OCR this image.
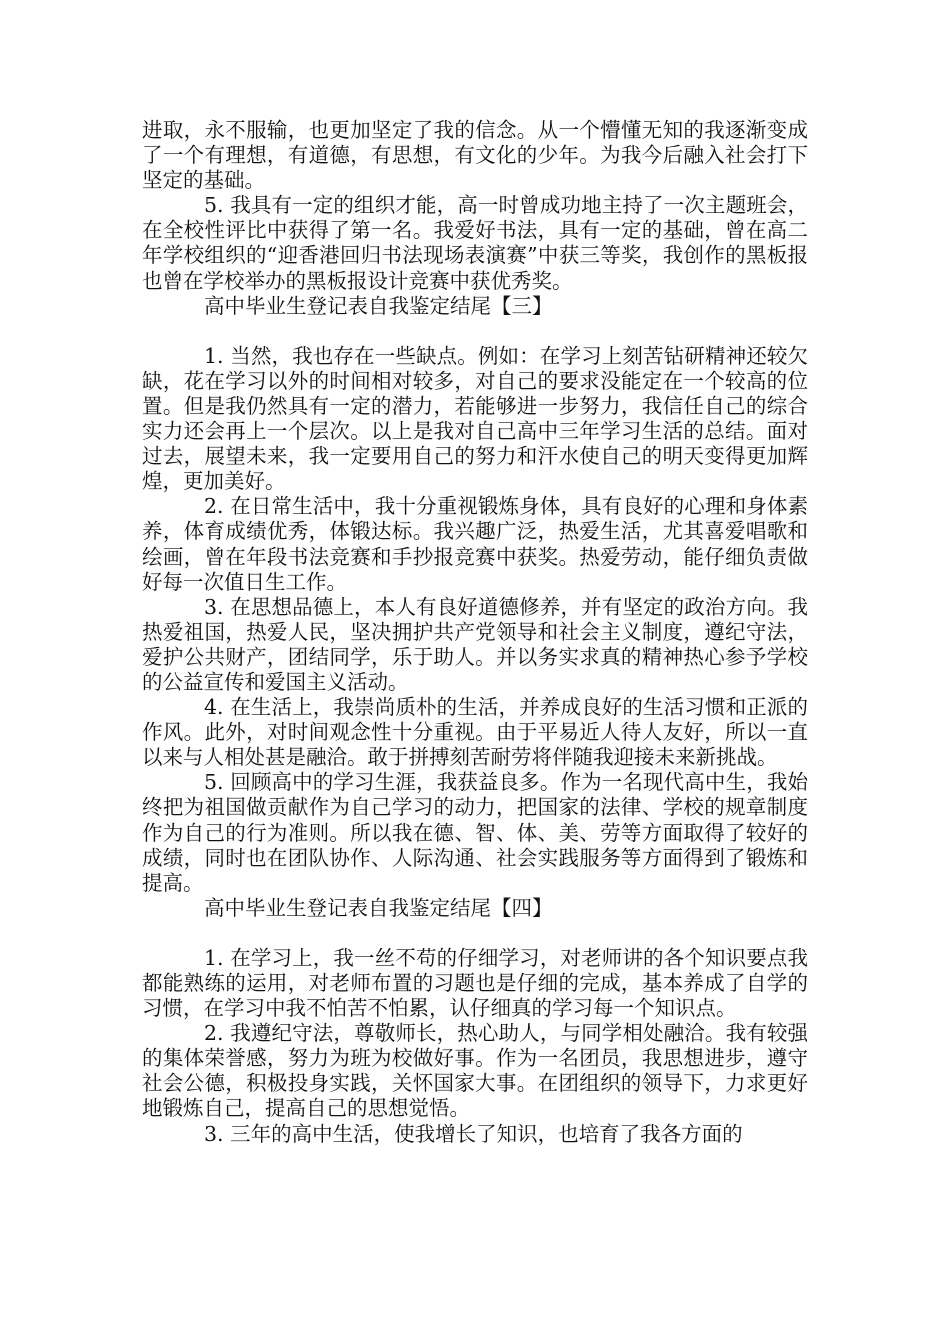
进取，永不服输，也更加坚定了我的信念。从一个懵懂无知的我逐渐变成了一个有理想，有道德，有思想，有文化的少年。为我今后融入社会打下坚定的基础。

5. 我具有一定的组织才能，高一时曾成功地主持了一次主题班会，在全校性评比中获得了第一名。我爱好书法，具有一定的基础，曾在高二年学校组织的“迎香港回归书法现场表演赛”中获三等奖，我创作的黑板报也曾在学校举办的黑板报设计竞赛中获优秀奖。

高中毕业生登记表自我鉴定结尾【三】

1. 当然，我也存在一些缺点。例如：在学习上刻苦钻研精神还较欠缺，花在学习以外的时间相对较多，对自己的要求没能定在一个较高的位置。但是我仍然具有一定的潜力，若能够进一步努力，我信任自己的综合实力还会再上一个层次。以上是我对自己高中三年学习生活的总结。面对过去，展望未来，我一定要用自己的努力和汗水使自己的明天变得更加辉煌，更加美好。

2. 在日常生活中，我十分重视锻炼身体，具有良好的心理和身体素养，体育成绩优秀，体锻达标。我兴趣广泛，热爱生活，尤其喜爱唱歌和绘画，曾在年段书法竞赛和手抄报竞赛中获奖。热爱劳动，能仔细负责做好每一次值日生工作。

3. 在思想品德上，本人有良好道德修养，并有坚定的政治方向。我热爱祖国，热爱人民，坚决拥护共产党领导和社会主义制度，遵纪守法，爱护公共财产，团结同学，乐于助人。并以务实求真的精神热心参予学校的公益宣传和爱国主义活动。

4. 在生活上，我崇尚质朴的生活，并养成良好的生活习惯和正派的作风。此外，对时间观念性十分重视。由于平易近人待人友好，所以一直以来与人相处甚是融洽。敢于拼搏刻苦耐劳将伴随我迎接未来新挑战。

5. 回顾高中的学习生涯，我获益良多。作为一名现代高中生，我始终把为祖国做贡献作为自己学习的动力，把国家的法律、学校的规章制度作为自己的行为准则。所以我在德、智、体、美、劳等方面取得了较好的成绩，同时也在团队协作、人际沟通、社会实践服务等方面得到了锻炼和提高。

高中毕业生登记表自我鉴定结尾【四】

1. 在学习上，我一丝不苟的仔细学习，对老师讲的各个知识要点我都能熟练的运用，对老师布置的习题也是仔细的完成，基本养成了自学的习惯，在学习中我不怕苦不怕累，认仔细真的学习每一个知识点。

2. 我遵纪守法，尊敬师长，热心助人，与同学相处融洽。我有较强的集体荣誉感，努力为班为校做好事。作为一名团员，我思想进步，遵守社会公德，积极投身实践，关怀国家大事。在团组织的领导下，力求更好地锻炼自己，提高自己的思想觉悟。

3. 三年的高中生活，使我增长了知识，也培育了我各方面的
